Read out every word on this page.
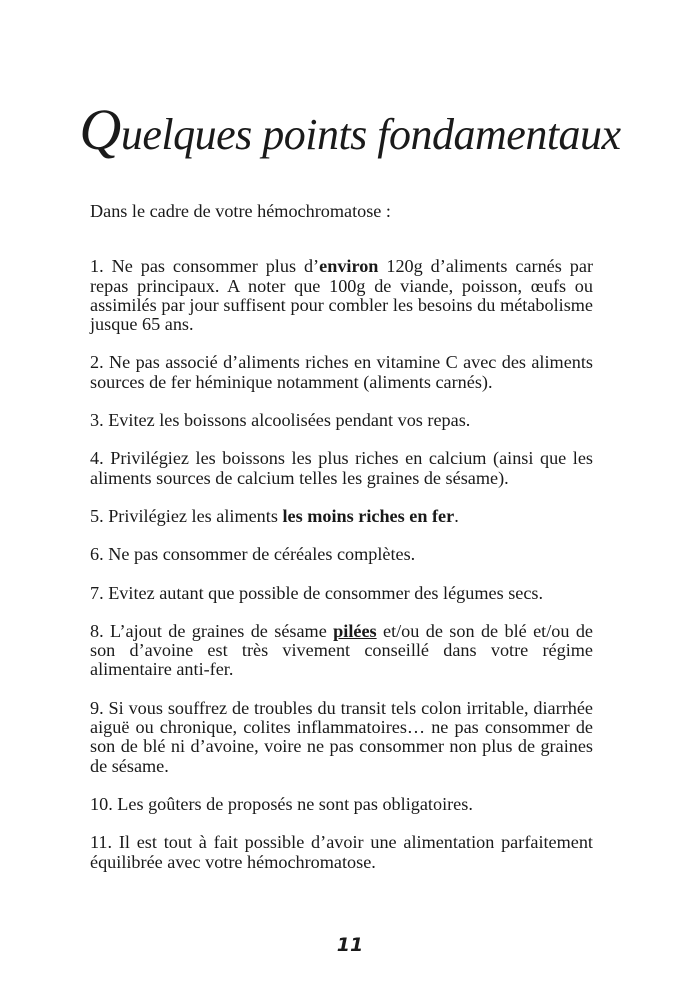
Quelques points fondamentaux

Dans le cadre de votre hémochromatose :

1. Ne pas consommer plus d’environ 120g d’aliments carnés par repas principaux. A noter que 100g de viande, poisson, œufs ou assimilés par jour suffisent pour combler les besoins du métabolisme jusque 65 ans.

2. Ne pas associé d’aliments riches en vitamine C avec des aliments sources de fer héminique notamment (aliments carnés).

3. Evitez les boissons alcoolisées pendant vos repas.

4. Privilégiez les boissons les plus riches en calcium (ainsi que les aliments sources de calcium telles les graines de sésame).

5. Privilégiez les aliments les moins riches en fer.

6. Ne pas consommer de céréales complètes.

7. Evitez autant que possible de consommer des légumes secs.

8. L’ajout de graines de sésame pilées et/ou de son de blé et/ou de son d’avoine est très vivement conseillé dans votre régime alimentaire anti-fer.

9. Si vous souffrez de troubles du transit tels colon irritable, diarrhée aiguë ou chronique, colites inflammatoires… ne pas consommer de son de blé ni d’avoine, voire ne pas consommer non plus de graines de sésame.

10. Les goûters de proposés ne sont pas obligatoires.

11. Il est tout à fait possible d’avoir une alimentation parfaitement équilibrée avec votre hémochromatose.

11
